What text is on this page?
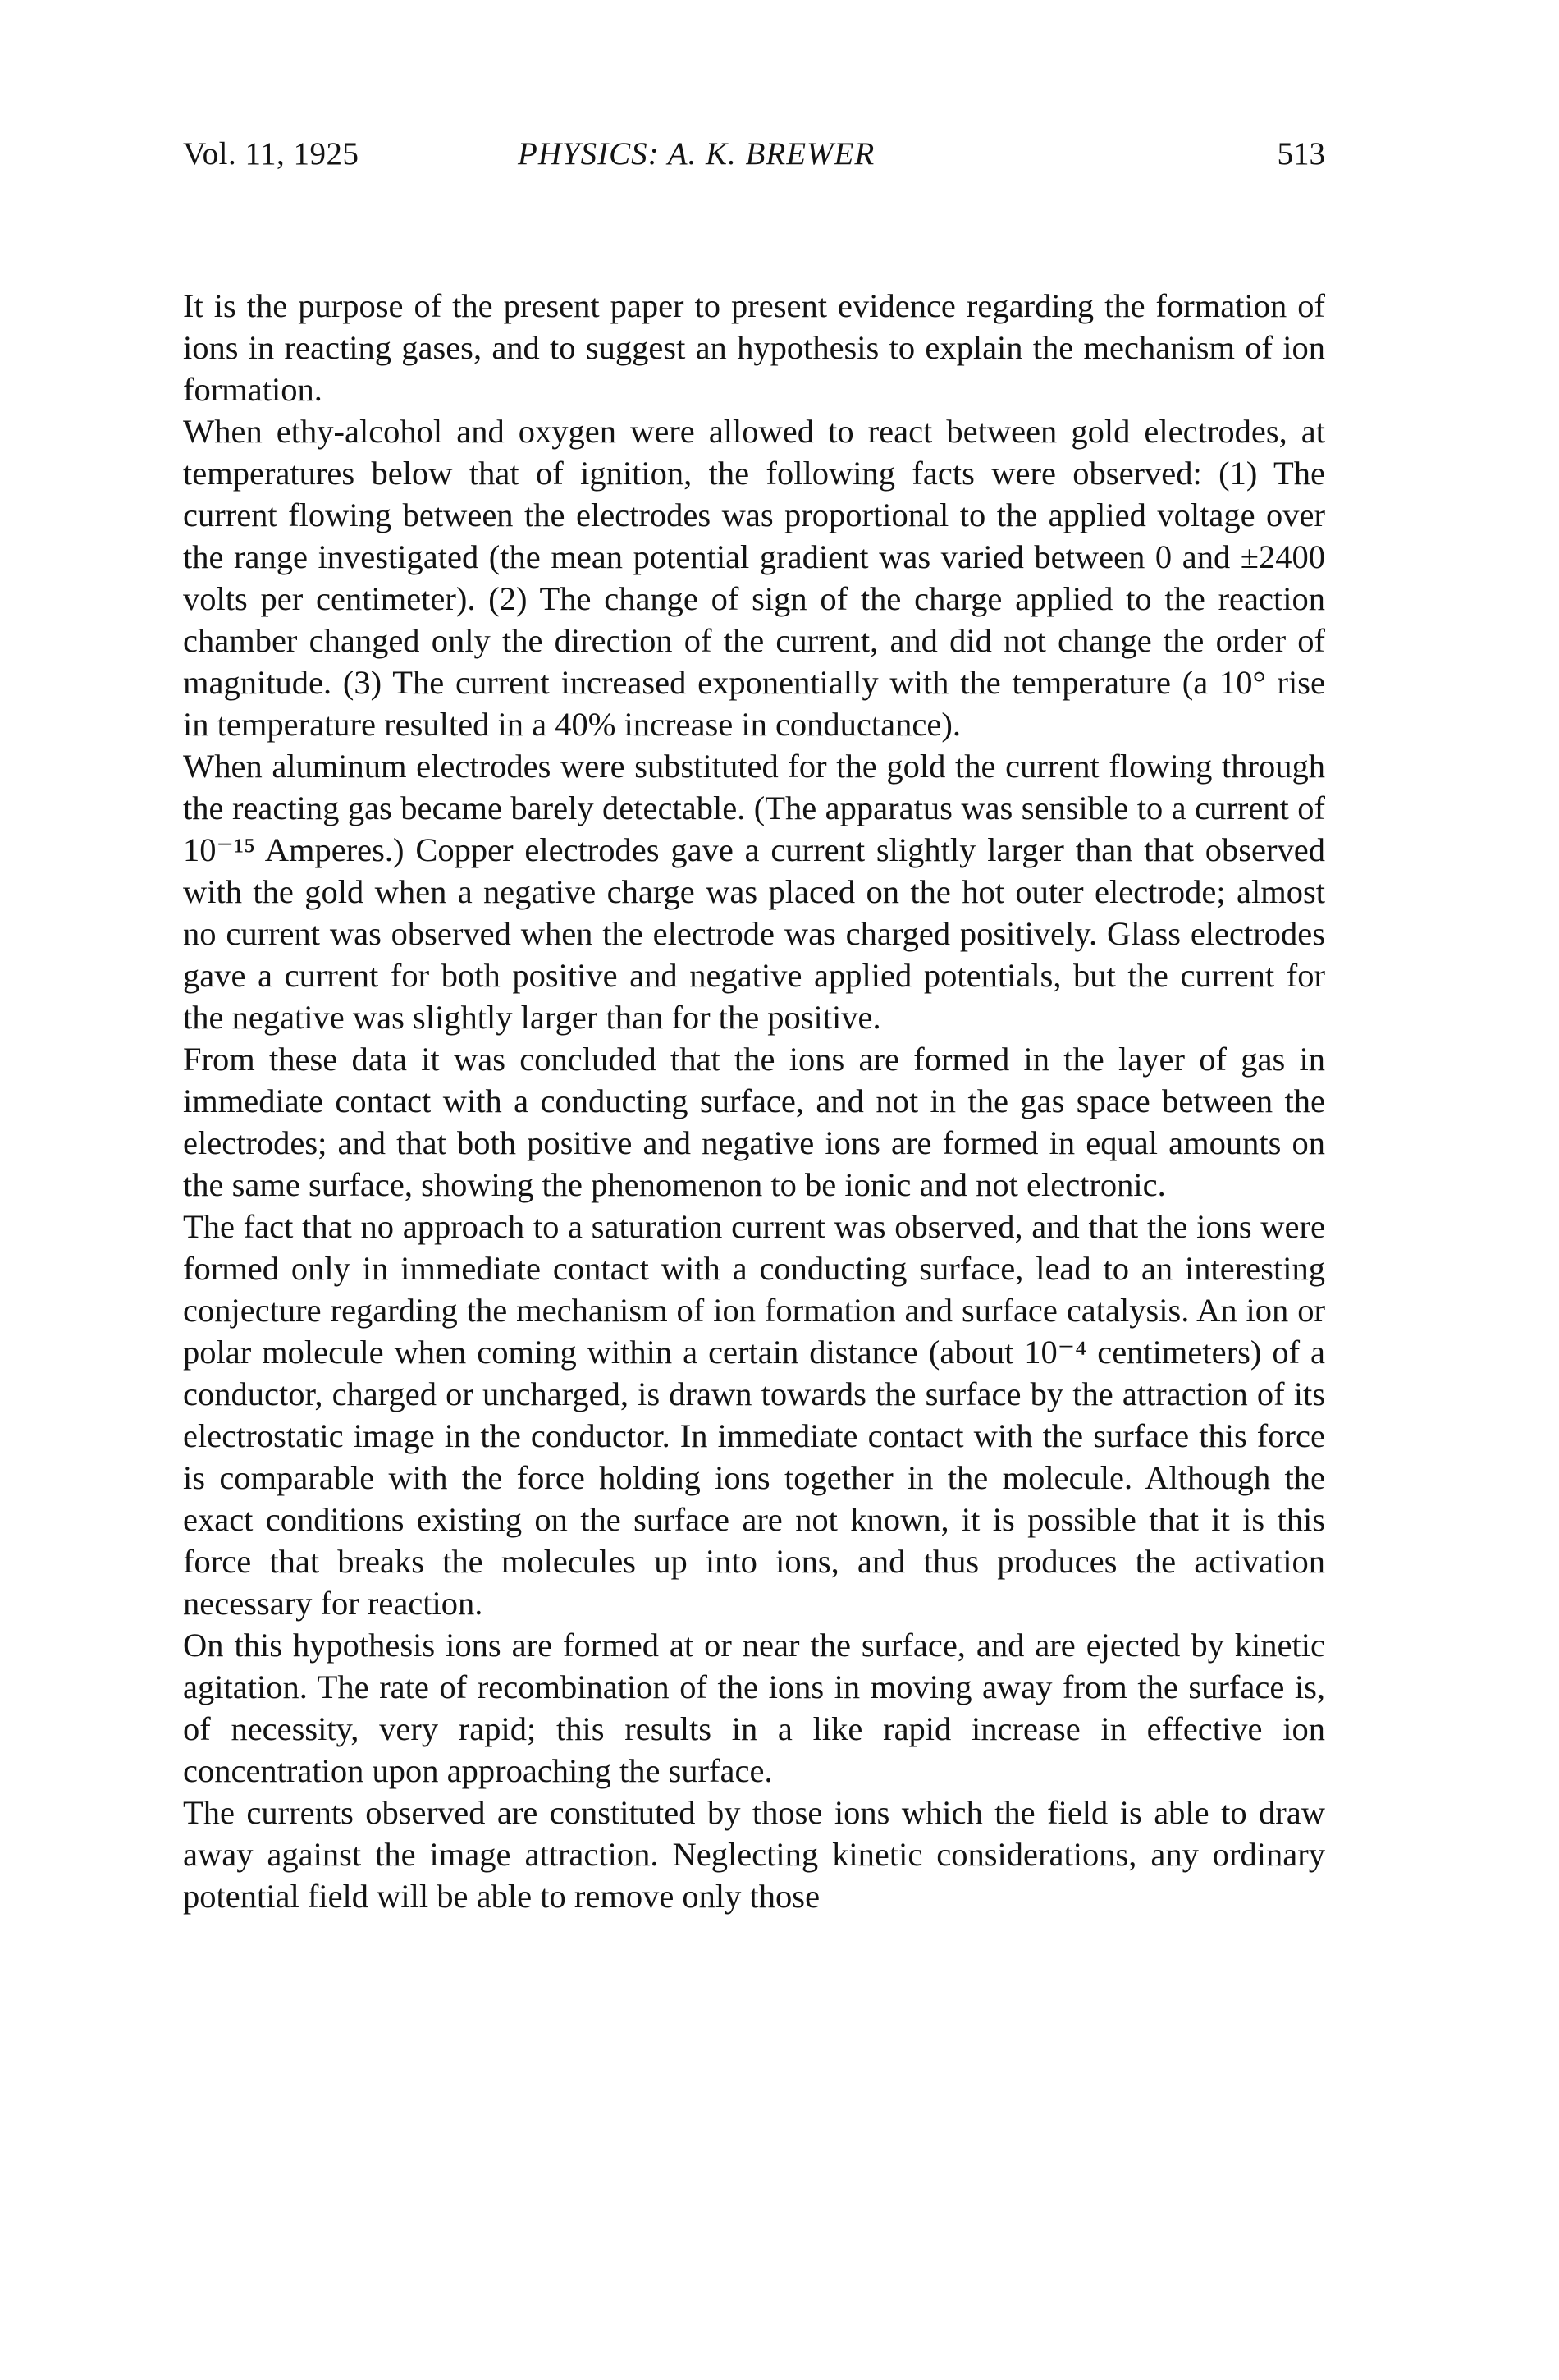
Vol. 11, 1925	PHYSICS: A. K. BREWER	513

It is the purpose of the present paper to present evidence regarding the formation of ions in reacting gases, and to suggest an hypothesis to explain the mechanism of ion formation.

When ethy-alcohol and oxygen were allowed to react between gold electrodes, at temperatures below that of ignition, the following facts were observed: (1) The current flowing between the electrodes was proportional to the applied voltage over the range investigated (the mean potential gradient was varied between 0 and ±2400 volts per centimeter). (2) The change of sign of the charge applied to the reaction chamber changed only the direction of the current, and did not change the order of magnitude. (3) The current increased exponentially with the temperature (a 10° rise in temperature resulted in a 40% increase in conductance).

When aluminum electrodes were substituted for the gold the current flowing through the reacting gas became barely detectable. (The apparatus was sensible to a current of 10⁻¹⁵ Amperes.) Copper electrodes gave a current slightly larger than that observed with the gold when a negative charge was placed on the hot outer electrode; almost no current was observed when the electrode was charged positively. Glass electrodes gave a current for both positive and negative applied potentials, but the current for the negative was slightly larger than for the positive.

From these data it was concluded that the ions are formed in the layer of gas in immediate contact with a conducting surface, and not in the gas space between the electrodes; and that both positive and negative ions are formed in equal amounts on the same surface, showing the phenomenon to be ionic and not electronic.

The fact that no approach to a saturation current was observed, and that the ions were formed only in immediate contact with a conducting surface, lead to an interesting conjecture regarding the mechanism of ion formation and surface catalysis. An ion or polar molecule when coming within a certain distance (about 10⁻⁴ centimeters) of a conductor, charged or uncharged, is drawn towards the surface by the attraction of its electrostatic image in the conductor. In immediate contact with the surface this force is comparable with the force holding ions together in the molecule. Although the exact conditions existing on the surface are not known, it is possible that it is this force that breaks the molecules up into ions, and thus produces the activation necessary for reaction.

On this hypothesis ions are formed at or near the surface, and are ejected by kinetic agitation. The rate of recombination of the ions in moving away from the surface is, of necessity, very rapid; this results in a like rapid increase in effective ion concentration upon approaching the surface.

The currents observed are constituted by those ions which the field is able to draw away against the image attraction. Neglecting kinetic considerations, any ordinary potential field will be able to remove only those
